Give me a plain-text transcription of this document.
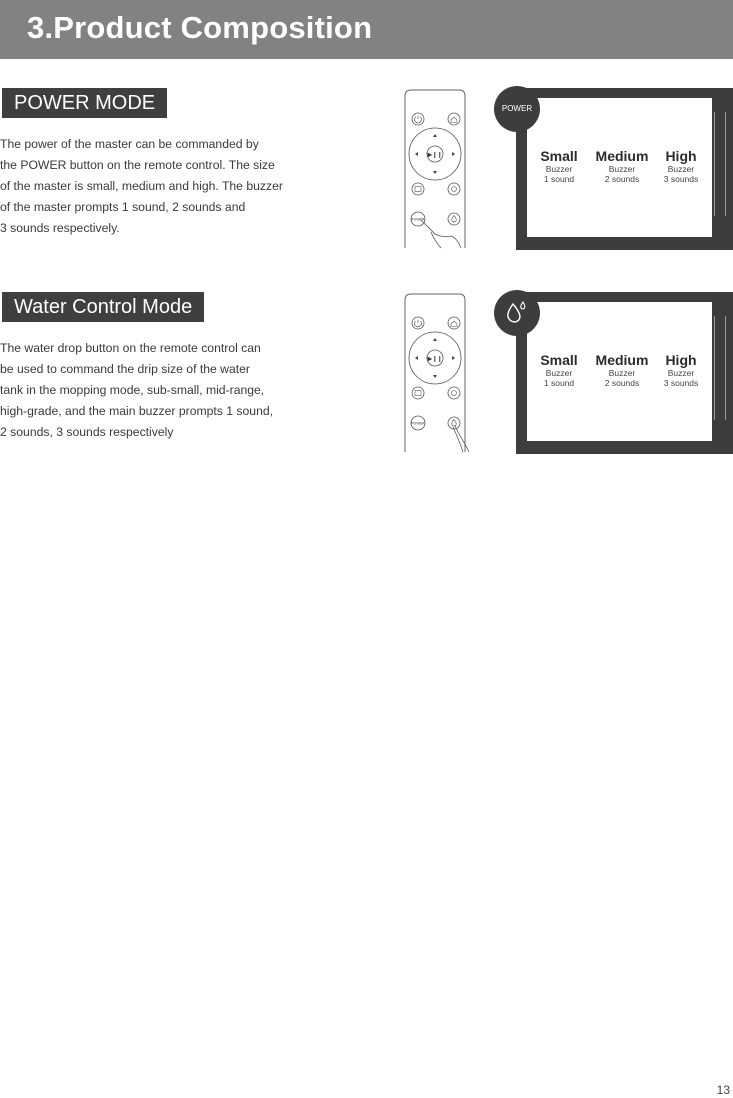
3.Product Composition
POWER MODE

The power of the master can be commanded by
the POWER button on the remote control. The size
of the master is small, medium and high. The buzzer
of the master prompts 1 sound, 2 sounds and
3 sounds respectively.

▶❙❙
POWER
POWER
Small
Buzzer
1 sound
Medium
Buzzer
2 sounds
High
Buzzer
3 sounds
Water Control Mode

The water drop button on the remote control can
be used to command the drip size of the water
tank in the mopping mode, sub-small, mid-range,
high-grade, and the main buzzer prompts 1 sound,
2 sounds, 3 sounds respectively

▶❙❙
POWER
Small
Buzzer
1 sound
Medium
Buzzer
2 sounds
High
Buzzer
3 sounds
13
